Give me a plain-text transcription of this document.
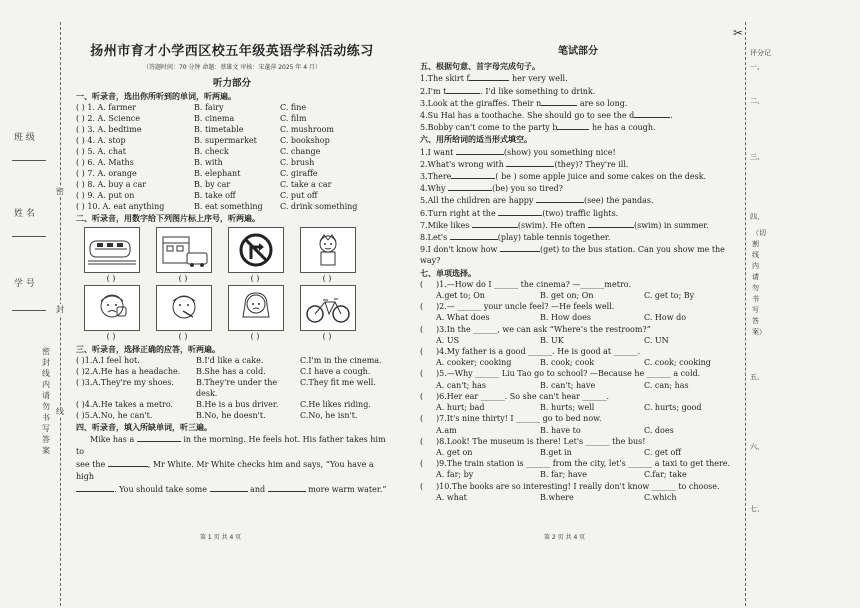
班 级
姓 名
学 号
密封线内请勿书写答案
密
封
线
扬州市育才小学西区校五年级英语学科活动练习
（答题时间：70 分钟 命题：蔡雄文 审核：宋蓬萍 2025 年 4 月）
听力部分
一、听录音，选出你所听到的单词，听两遍。
( ) 1. A. farmer	B. fairy	C. fine
( ) 2. A. Science	B. cinema	C. film
( ) 3. A. bedtime	B. timetable	C. mushroom
( ) 4. A. stop	B. supermarket	C. bookshop
( ) 5. A. chat	B. check	C. change
( ) 6. A. Maths	B. with	C. brush
( ) 7. A. orange	B. elephant	C. giraffe
( ) 8. A. buy a car	B. by car	C. take a car
( ) 9. A. put on	B. take off	C. put off
( ) 10. A. eat anything	B. eat something	C. drink something
二、听录音，用数字给下列图片标上序号，听两遍。
( )	( )	( )	( )
( )	( )	( )	( )
三、听录音，选择正确的应答，听两遍。
( )1.A.I feel hot.	B.I'd like a cake.	C.I'm in the cinema.
( )2.A.He has a headache.	B.She has a cold.	C.I have a cough.
( )3.A.They're my shoes.	B.They're under the desk.
C.They fit me well.
( )4.A.He takes a metro.	B.He is a bus driver.	C.He likes riding.
( )5.A.No, he can't.	B.No, he doesn't.	C.No, he isn't.
四、听录音，填入所缺单词，听三遍。
Mike has a	in the morning. He feels hot. His father takes him to
see the	, Mr White. Mr White checks him and says, “You have a high
. You should take some	and	more warm water.”
第 1 页 共 4 页
笔试部分
五、根据句意、首字母完成句子。
1.The skirt f	her very well.
2.I'm t	. I'd like something to drink.
3.Look at the giraffes. Their n	are so long.
4.Su Hai has a toothache. She should go to see the d	.
5.Bobby can't come to the party b	he has a cough.
六、用所给词的适当形式填空。
1.I want	(show) you something nice!
2.What's wrong with	(they)? They're ill.
3.There	( be ) some apple juice and some cakes on the desk.
4.Why	(be) you so tired?
5.All the children are happy	(see) the pandas.
6.Turn right at the	(two) traffic lights.
7.Mike likes	(swim). He often	(swim) in summer.
8.Let's	(play) table tennis together.
9.I don't know how	(get) to the bus station. Can you show me the way?
七、单项选择。
(	)1.—How do I ______ the cinema? —______metro.
A.get to; On	B. get on; On	C. get to; By
(	)2.— ______ your uncle feel? —He feels well.
A. What does	B. How does	C. How do
(	)3.In the ______, we can ask “Where’s the restroom?”
A. US	B. UK	C. UN
(	)4.My father is a good ______. He is good at ______.
A. cooker; cooking	B. cook; cook	C. cook; cooking
(	)5.—Why ______ Liu Tao go to school? —Because he ______ a cold.
A. can't; has	B. can't; have	C. can; has
(	)6.Her ear ______. So she can't hear ______.
A. hurt; bad	B. hurts; well	C. hurts; good
(	)7.It's nine thirty! I ______ go to bed now.
A.am	B. have to	C. does
(	)8.Look! The museum is there! Let's ______ the bus!
A. get on	B.get in	C. get off
(	)9.The train station is ______ from the city, let's ______ a taxi to get there.
A. far; by	B. far; have	C.far; take
(	)10.The books are so interesting! I really don't know ______ to choose.
A. what	B.where	C.which
第 2 页 共 4 页
✂
评分记
一、
二、
三、
四、
（切割线内请勿书写答案）
五、
六、
七、
